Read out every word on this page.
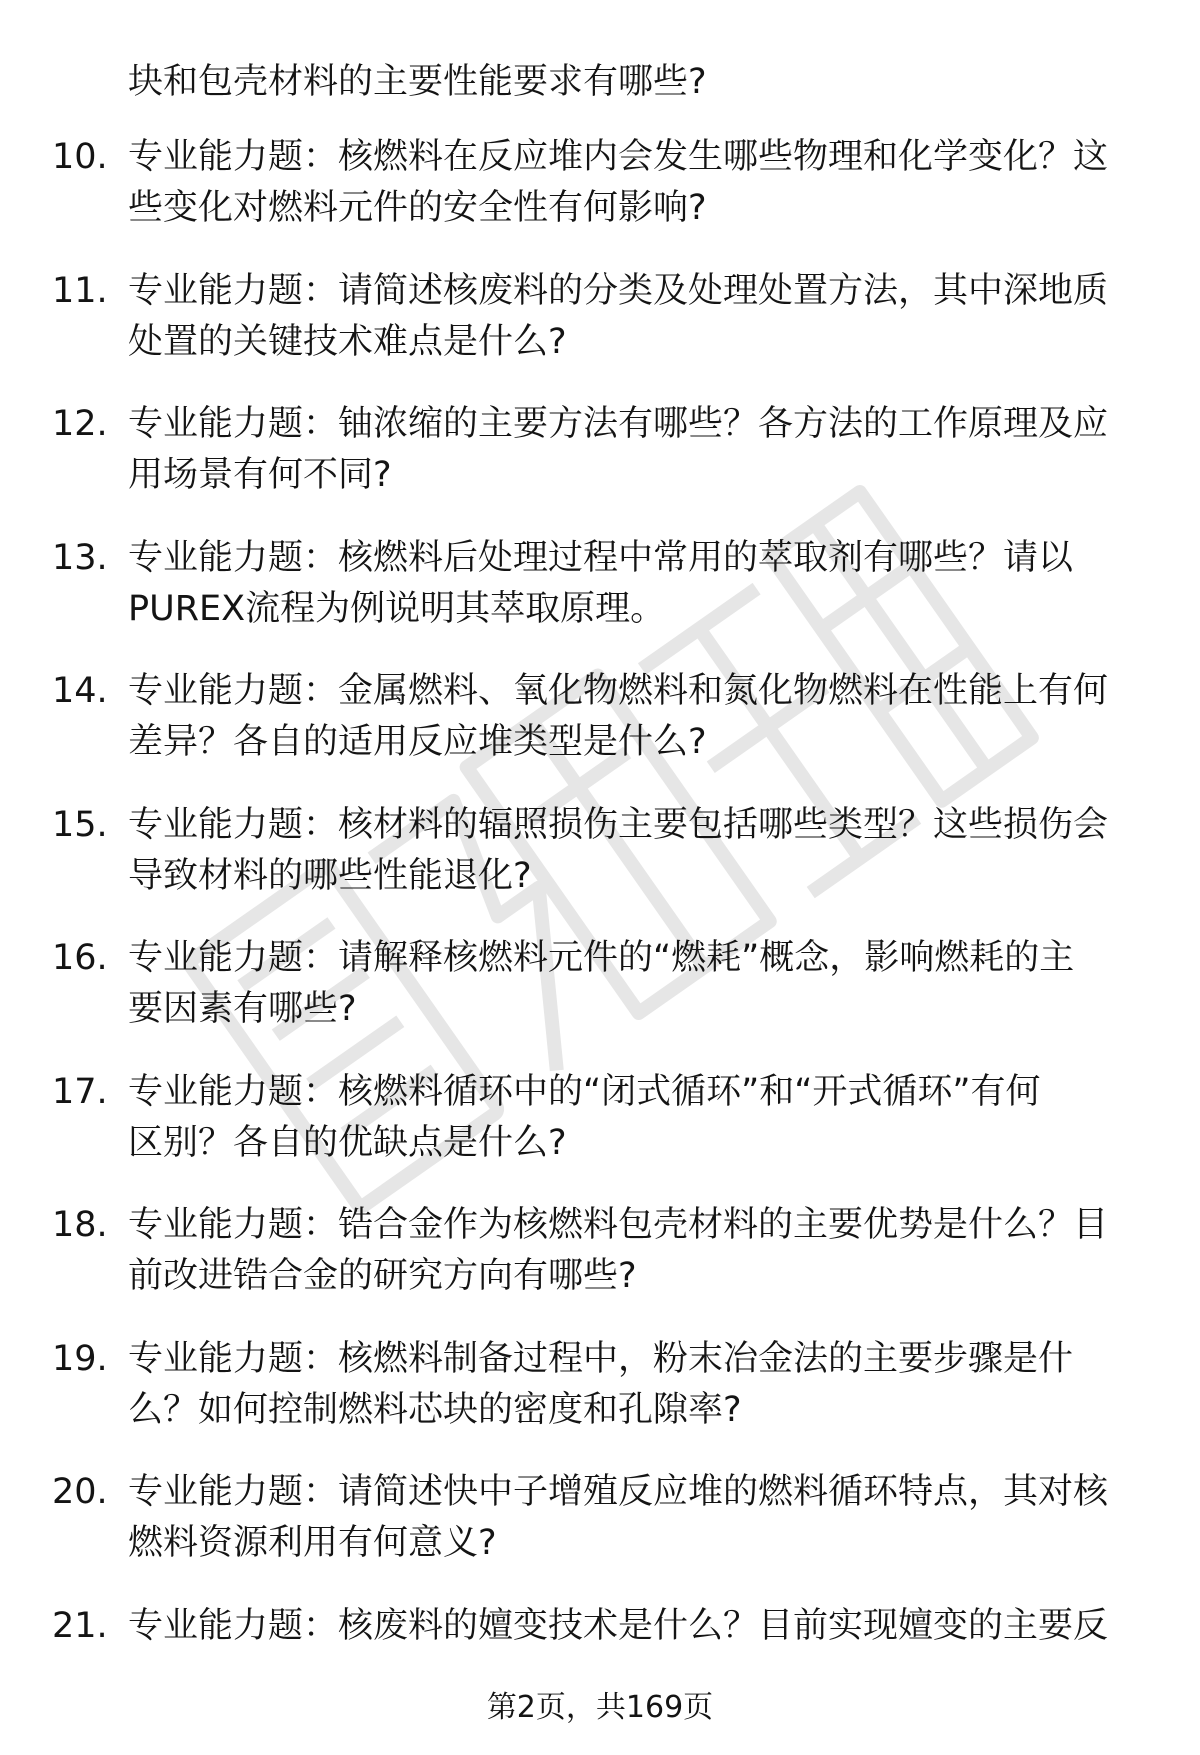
块和包壳材料的主要性能要求有哪些?
10. 专业能力题：核燃料在反应堆内会发生哪些物理和化学变化？这
些变化对燃料元件的安全性有何影响?
11. 专业能力题：请简述核废料的分类及处理处置方法，其中深地质
处置的关键技术难点是什么?
12. 专业能力题：铀浓缩的主要方法有哪些？各方法的工作原理及应
用场景有何不同?
13. 专业能力题：核燃料后处理过程中常用的萃取剂有哪些？请以
PUREX流程为例说明其萃取原理。
14. 专业能力题：金属燃料、氧化物燃料和氮化物燃料在性能上有何
差异？各自的适用反应堆类型是什么?
15. 专业能力题：核材料的辐照损伤主要包括哪些类型？这些损伤会
导致材料的哪些性能退化?
16. 专业能力题：请解释核燃料元件的“燃耗”概念，影响燃耗的主
要因素有哪些?
17. 专业能力题：核燃料循环中的“闭式循环”和“开式循环”有何
区别？各自的优缺点是什么?
18. 专业能力题：锆合金作为核燃料包壳材料的主要优势是什么？目
前改进锆合金的研究方向有哪些?
19. 专业能力题：核燃料制备过程中，粉末冶金法的主要步骤是什
么？如何控制燃料芯块的密度和孔隙率?
20. 专业能力题：请简述快中子增殖反应堆的燃料循环特点，其对核
燃料资源利用有何意义?
21. 专业能力题：核废料的嬗变技术是什么？目前实现嬗变的主要反
第2页，共169页
